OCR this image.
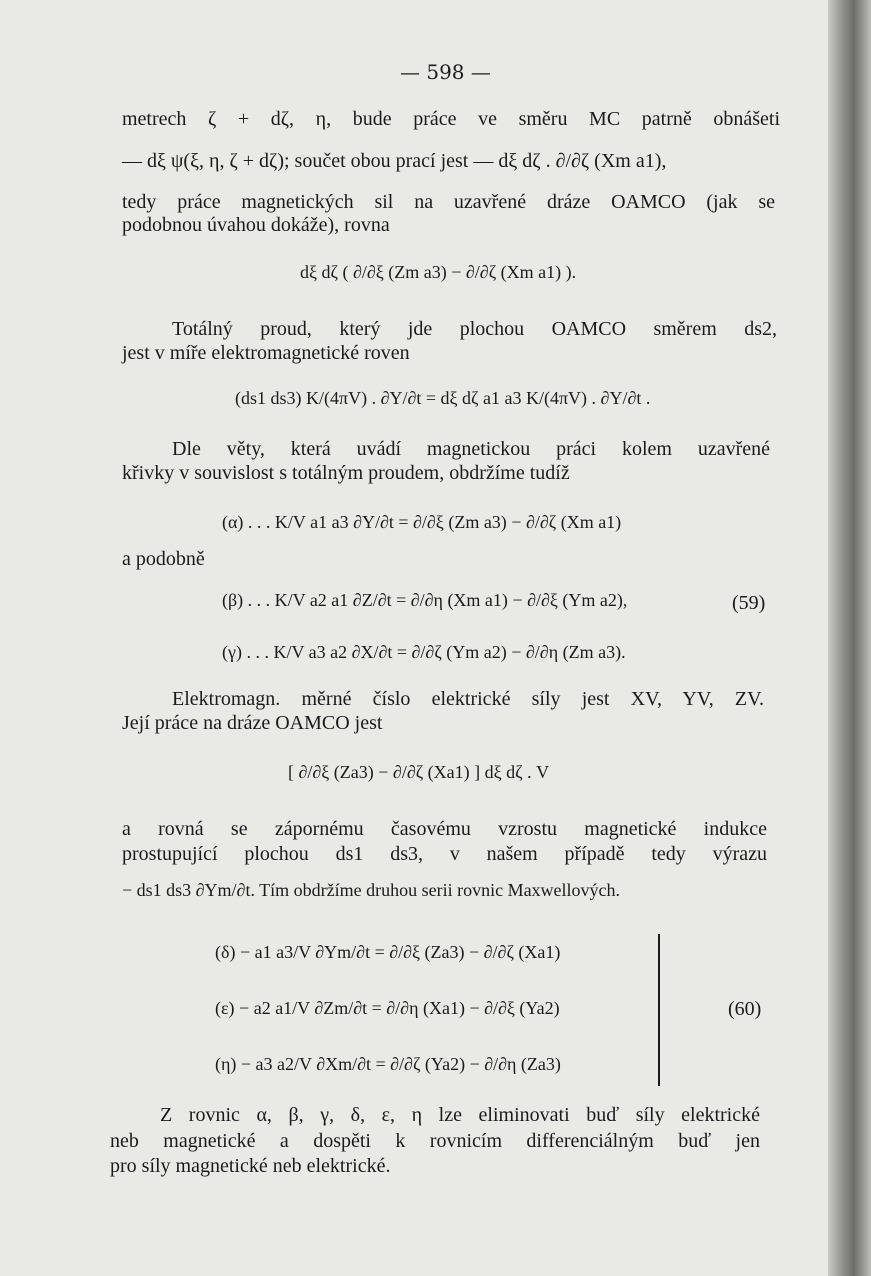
— 598 —
metrech ζ + dζ, η, bude práce ve směru MC patrně obnášeti
— dξ ψ(ξ, η, ζ + dζ); součet obou prací jest — dξ dζ . ∂/∂ζ (Xm a1),
tedy práce magnetických sil na uzavřené dráze OAMCO (jak se
podobnou úvahou dokáže), rovna
dξ dζ ( ∂/∂ξ (Zm a3) − ∂/∂ζ (Xm a1) ).
Totálný proud, který jde plochou OAMCO směrem ds2,
jest v míře elektromagnetické roven
(ds1 ds3) K/(4πV) . ∂Y/∂t = dξ dζ a1 a3 K/(4πV) . ∂Y/∂t .
Dle věty, která uvádí magnetickou práci kolem uzavřené
křivky v souvislost s totálným proudem, obdržíme tudíž
(α) . . . K/V a1 a3 ∂Y/∂t = ∂/∂ξ (Zm a3) − ∂/∂ζ (Xm a1)
a podobně
(β) . . . K/V a2 a1 ∂Z/∂t = ∂/∂η (Xm a1) − ∂/∂ξ (Ym a2),	(59)
(γ) . . . K/V a3 a2 ∂X/∂t = ∂/∂ζ (Ym a2) − ∂/∂η (Zm a3).
Elektromagn. měrné číslo elektrické síly jest XV, YV, ZV.
Její práce na dráze OAMCO jest
[ ∂/∂ξ (Za3) − ∂/∂ζ (Xa1) ] dξ dζ . V
a rovná se zápornému časovému vzrostu magnetické indukce
prostupující plochou ds1 ds3, v našem případě tedy výrazu
− ds1 ds3 ∂Ym/∂t. Tím obdržíme druhou serii rovnic Maxwellových.
(δ) − a1 a3/V ∂Ym/∂t = ∂/∂ξ (Za3) − ∂/∂ζ (Xa1)
(ε) − a2 a1/V ∂Zm/∂t = ∂/∂η (Xa1) − ∂/∂ξ (Ya2)
(η) − a3 a2/V ∂Xm/∂t = ∂/∂ζ (Ya2) − ∂/∂η (Za3)
(60)
Z rovnic α, β, γ, δ, ε, η lze eliminovati buď síly elektrické
neb magnetické a dospěti k rovnicím differenciálným buď jen
pro síly magnetické neb elektrické.
